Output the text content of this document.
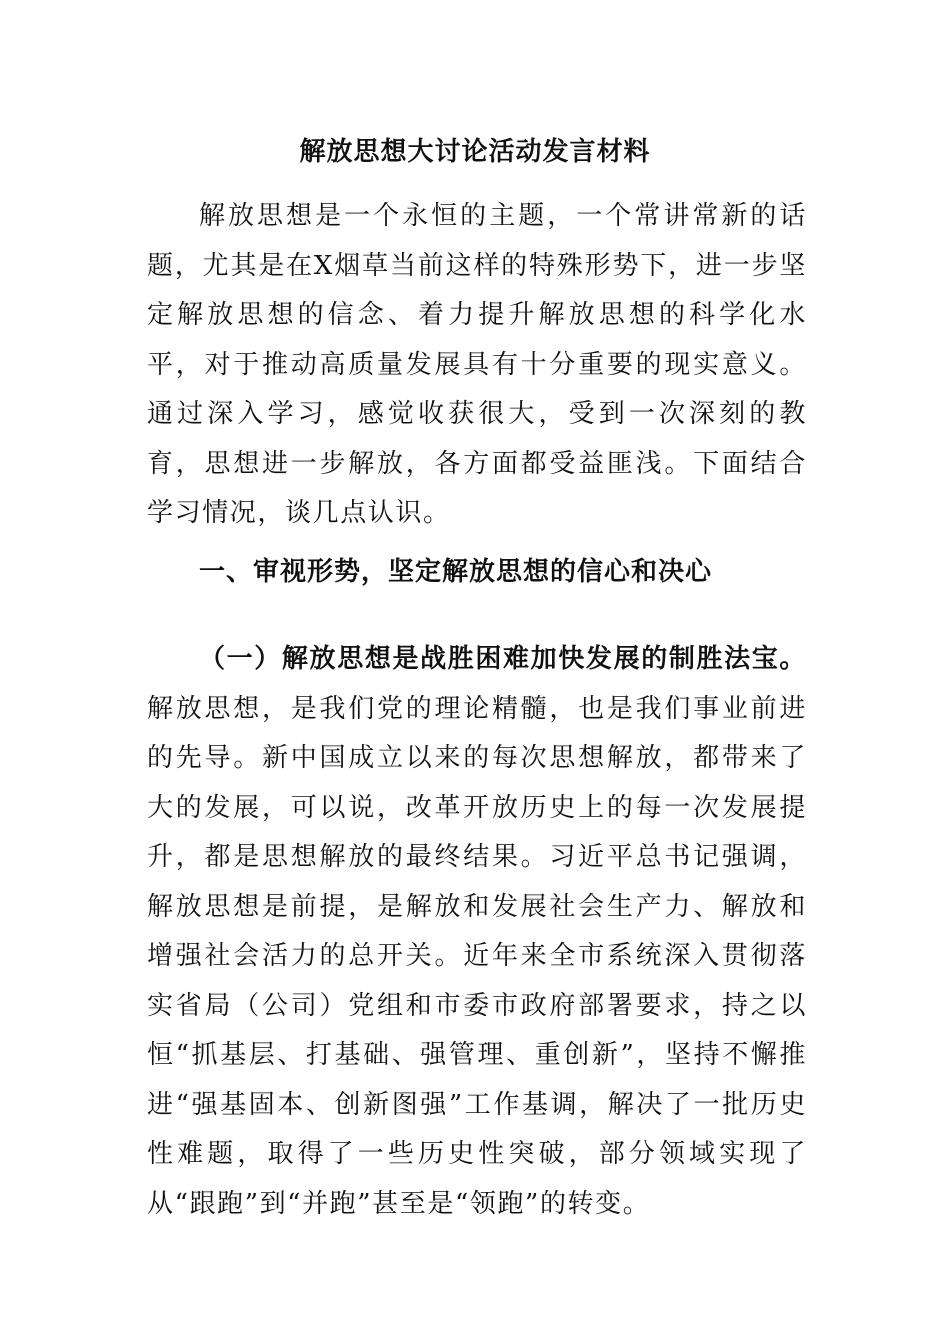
解放思想大讨论活动发言材料

解放思想是一个永恒的主题，一个常讲常新的话题，尤其是在X烟草当前这样的特殊形势下，进一步坚定解放思想的信念、着力提升解放思想的科学化水平，对于推动高质量发展具有十分重要的现实意义。通过深入学习，感觉收获很大，受到一次深刻的教育，思想进一步解放，各方面都受益匪浅。下面结合学习情况，谈几点认识。

一、审视形势，坚定解放思想的信心和决心

（一）解放思想是战胜困难加快发展的制胜法宝。解放思想，是我们党的理论精髓，也是我们事业前进的先导。新中国成立以来的每次思想解放，都带来了大的发展，可以说，改革开放历史上的每一次发展提升，都是思想解放的最终结果。习近平总书记强调，解放思想是前提，是解放和发展社会生产力、解放和增强社会活力的总开关。近年来全市系统深入贯彻落实省局（公司）党组和市委市政府部署要求，持之以恒“抓基层、打基础、强管理、重创新”，坚持不懈推进“强基固本、创新图强”工作基调，解决了一批历史性难题，取得了一些历史性突破，部分领域实现了从“跟跑”到“并跑”甚至是“领跑”的转变。
